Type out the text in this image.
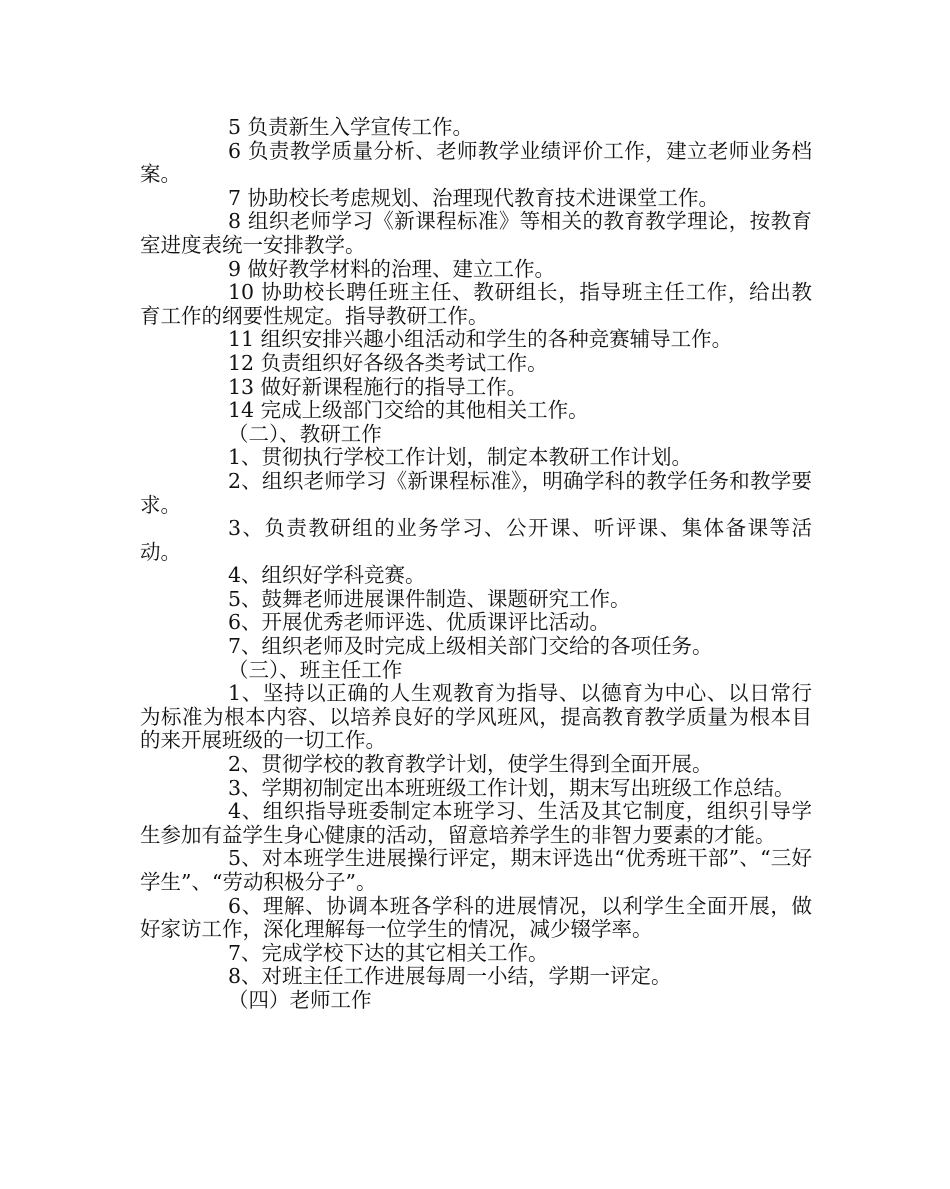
5 负责新生入学宣传工作。

6 负责教学质量分析、老师教学业绩评价工作，建立老师业务档案。

7 协助校长考虑规划、治理现代教育技术进课堂工作。

8 组织老师学习《新课程标准》等相关的教育教学理论，按教育室进度表统一安排教学。

9 做好教学材料的治理、建立工作。

10 协助校长聘任班主任、教研组长，指导班主任工作，给出教育工作的纲要性规定。指导教研工作。

11 组织安排兴趣小组活动和学生的各种竞赛辅导工作。

12 负责组织好各级各类考试工作。

13 做好新课程施行的指导工作。

14 完成上级部门交给的其他相关工作。

（二）、教研工作

1、贯彻执行学校工作计划，制定本教研工作计划。

2、组织老师学习《新课程标准》，明确学科的教学任务和教学要求。

3、负责教研组的业务学习、公开课、听评课、集体备课等活动。

4、组织好学科竞赛。

5、鼓舞老师进展课件制造、课题研究工作。

6、开展优秀老师评选、优质课评比活动。

7、组织老师及时完成上级相关部门交给的各项任务。

（三）、班主任工作

1、坚持以正确的人生观教育为指导、以德育为中心、以日常行为标准为根本内容、以培养良好的学风班风，提高教育教学质量为根本目的来开展班级的一切工作。

2、贯彻学校的教育教学计划，使学生得到全面开展。

3、学期初制定出本班班级工作计划，期末写出班级工作总结。

4、组织指导班委制定本班学习、生活及其它制度，组织引导学生参加有益学生身心健康的活动，留意培养学生的非智力要素的才能。

5、对本班学生进展操行评定，期末评选出“优秀班干部”、“三好学生”、“劳动积极分子”。

6、理解、协调本班各学科的进展情况，以利学生全面开展，做好家访工作，深化理解每一位学生的情况，减少辍学率。

7、完成学校下达的其它相关工作。

8、对班主任工作进展每周一小结，学期一评定。

（四）老师工作
